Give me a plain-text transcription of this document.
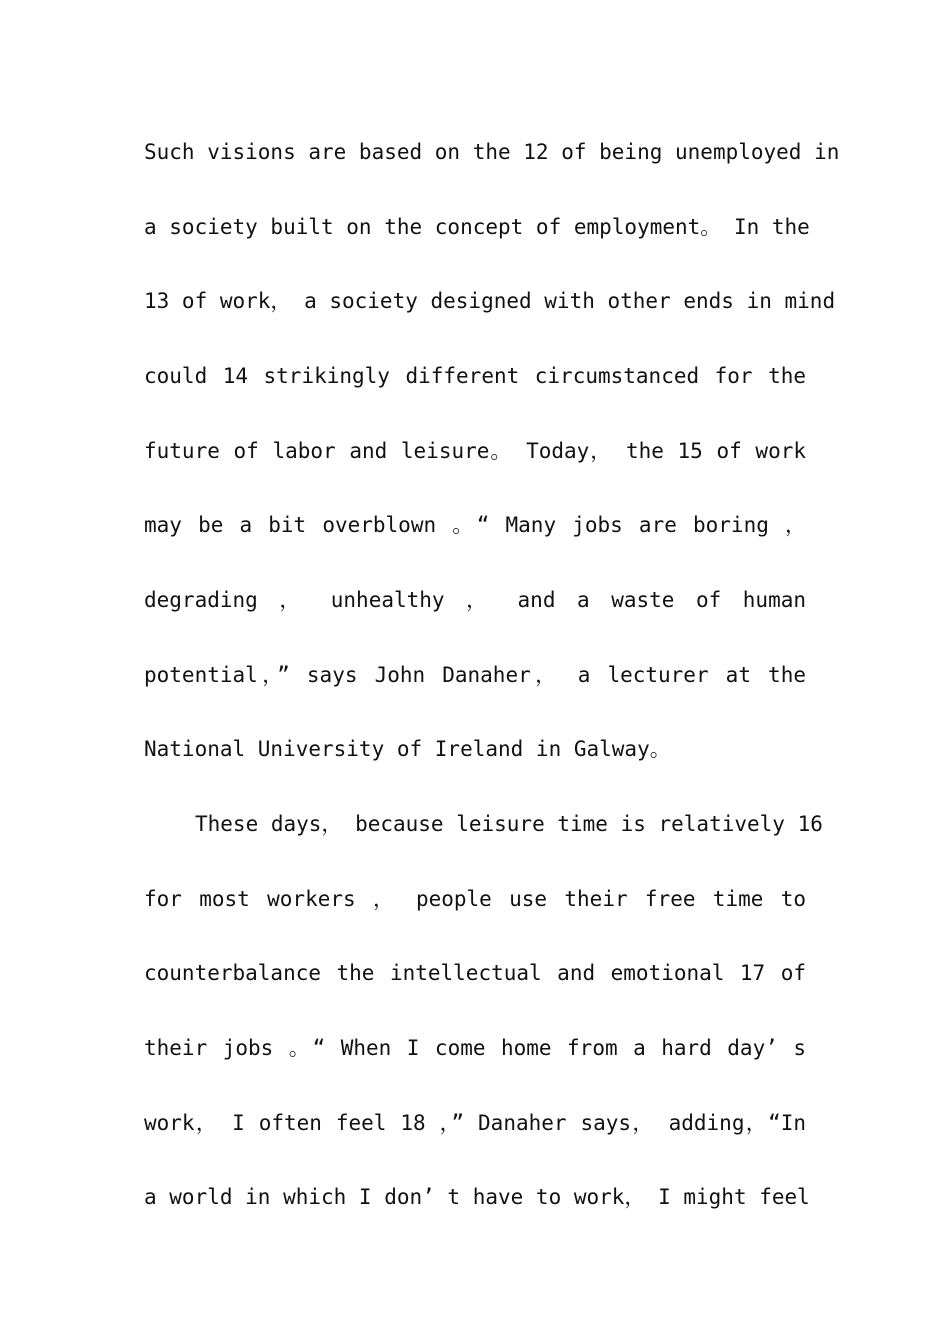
Such visions are based on the 12 of being unemployed in
a society built on the concept of employment。 In the
13 of work， a society designed with other ends in mind
could 14 strikingly different circumstanced for the
future of labor and leisure。 Today， the 15 of work
may be a bit overblown 。“ Many jobs are boring ，
degrading ， unhealthy ， and a waste of human
potential，” says John Danaher， a lecturer at the
National University of Ireland in Galway。
These days， because leisure time is relatively 16
for most workers ， people use their free time to
counterbalance the intellectual and emotional 17 of
their jobs 。“ When I come home from a hard day’ s
work， I often feel 18 ，” Danaher says， adding，“In
a world in which I don’ t have to work， I might feel
